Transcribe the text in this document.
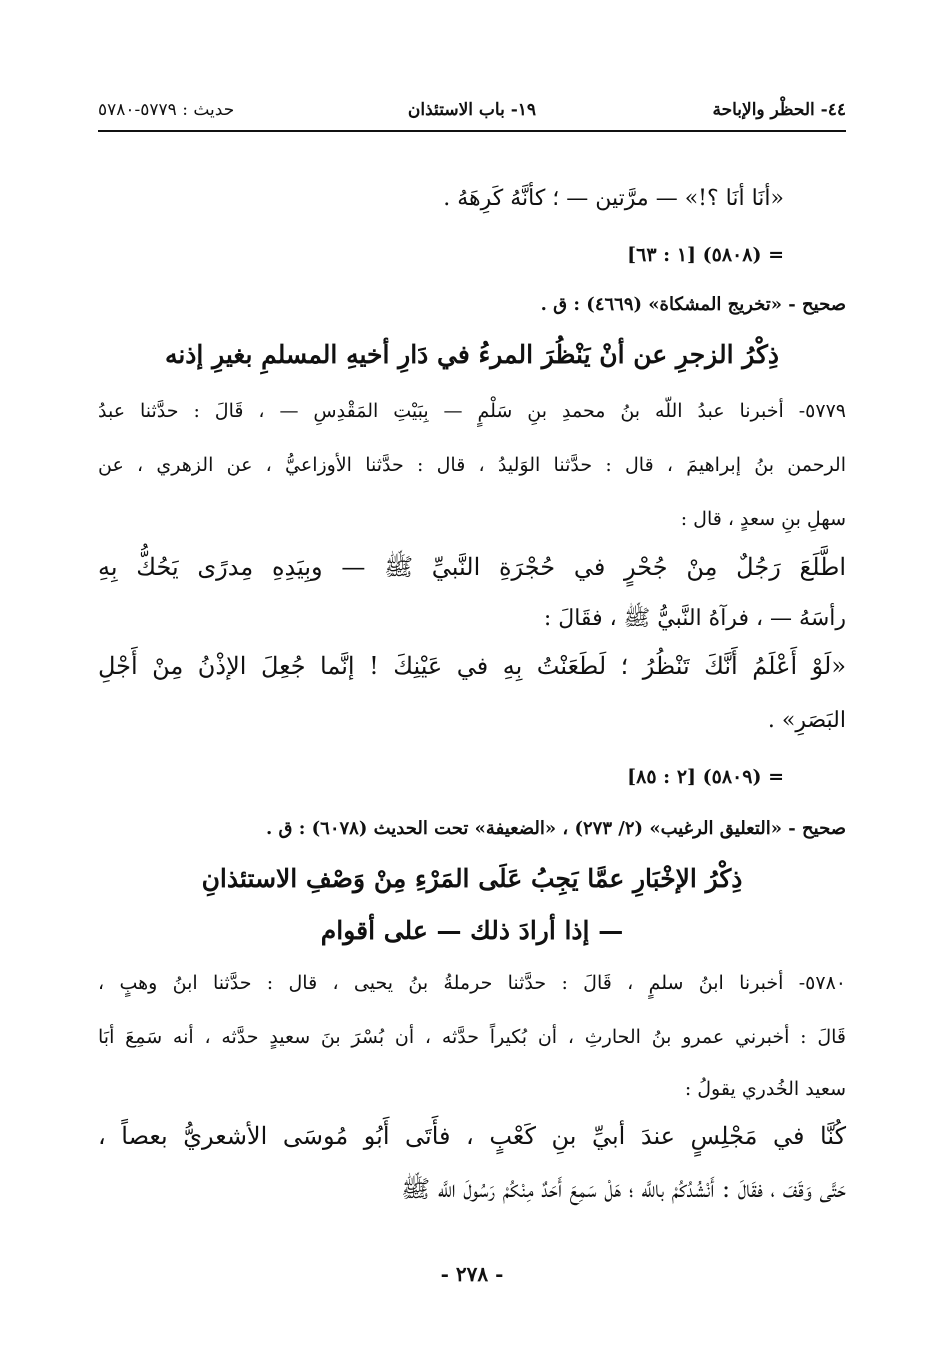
٤٤- الحظْر والإباحة
١٩- باب الاستئذان
حديث : ٥٧٧٩-٥٧٨٠
«أنَا أنَا ؟!» — مرَّتين — ؛ كأنَّهُ كَرِهَهُ .
= (٥٨٠٨) [١ : ٦٣]
صحيح - «تخريج المشكاة» (٤٦٦٩) : ق .
ذِكْرُ الزجرِ عن أنْ يَنْظُرَ المرءُ في دَارِ أخيهِ المسلمِ بغيرِ إذنه
٥٧٧٩- أخبرنا عبدُ اللّه بنُ محمدِ بنِ سَلْمٍ — بِبَيْتِ المَقْدِسِ — ، قَالَ : حدَّثنا عبدُ
الرحمن بنُ إبراهيمَ ، قال : حدَّثنا الوَليدُ ، قال : حدَّثنا الأوزاعيُّ ، عن الزهري ، عن
سهلِ بنِ سعدٍ ، قال :
اطَّلَعَ رَجُلٌ مِنْ جُحْرٍ في حُجْرَةِ النَّبيِّ ﷺ — وبِيَدِهِ مِدرًى يَحُكُّ بِهِ
رأسَهُ — ، فرآهُ النَّبيُّ ﷺ ، فقَالَ :
«لَوْ أَعْلَمُ أَنَّكَ تَنْظُرُ ؛ لَطَعَنْتُ بِهِ في عَيْنِكَ ! إنَّما جُعِلَ الإذْنُ مِنْ أَجْلِ
البَصَرِ» .
= (٥٨٠٩) [٢ : ٨٥]
صحيح - «التعليق الرغيب» (٢/ ٢٧٣) ، «الضعيفة» تحت الحديث (٦٠٧٨) : ق .
ذِكْرُ الإخْبَارِ عمَّا يَجِبُ عَلَى المَرْءِ مِنْ وَصْفِ الاستئذانِ
— إذا أرادَ ذلك — على أقوام
٥٧٨٠- أخبرنا ابنُ سلمٍ ، قَالَ : حدَّثنا حرملةُ بنُ يحيى ، قال : حدَّثنا ابنُ وهبٍ ،
قَالَ : أخبرني عمرو بنُ الحارثِ ، أن بُكيراً حدَّثه ، أن بُسْرَ بنَ سعيدٍ حدَّثه ، أنه سَمِعَ أبَا
سعيد الخُدري يقولُ :
كُنَّا في مَجْلِسٍ عندَ أبيِّ بنِ كَعْبٍ ، فأَتَى أَبُو مُوسَى الأشعريُّ بعصاً ،
حَتَّى وَقَفَ ، فقَالَ : أَنْشُدُكُمْ باللَّه ؛ هَلْ سَمِعَ أَحَدٌ مِنْكُمْ رَسُولَ اللَّه ﷺ
- ٢٧٨ -
